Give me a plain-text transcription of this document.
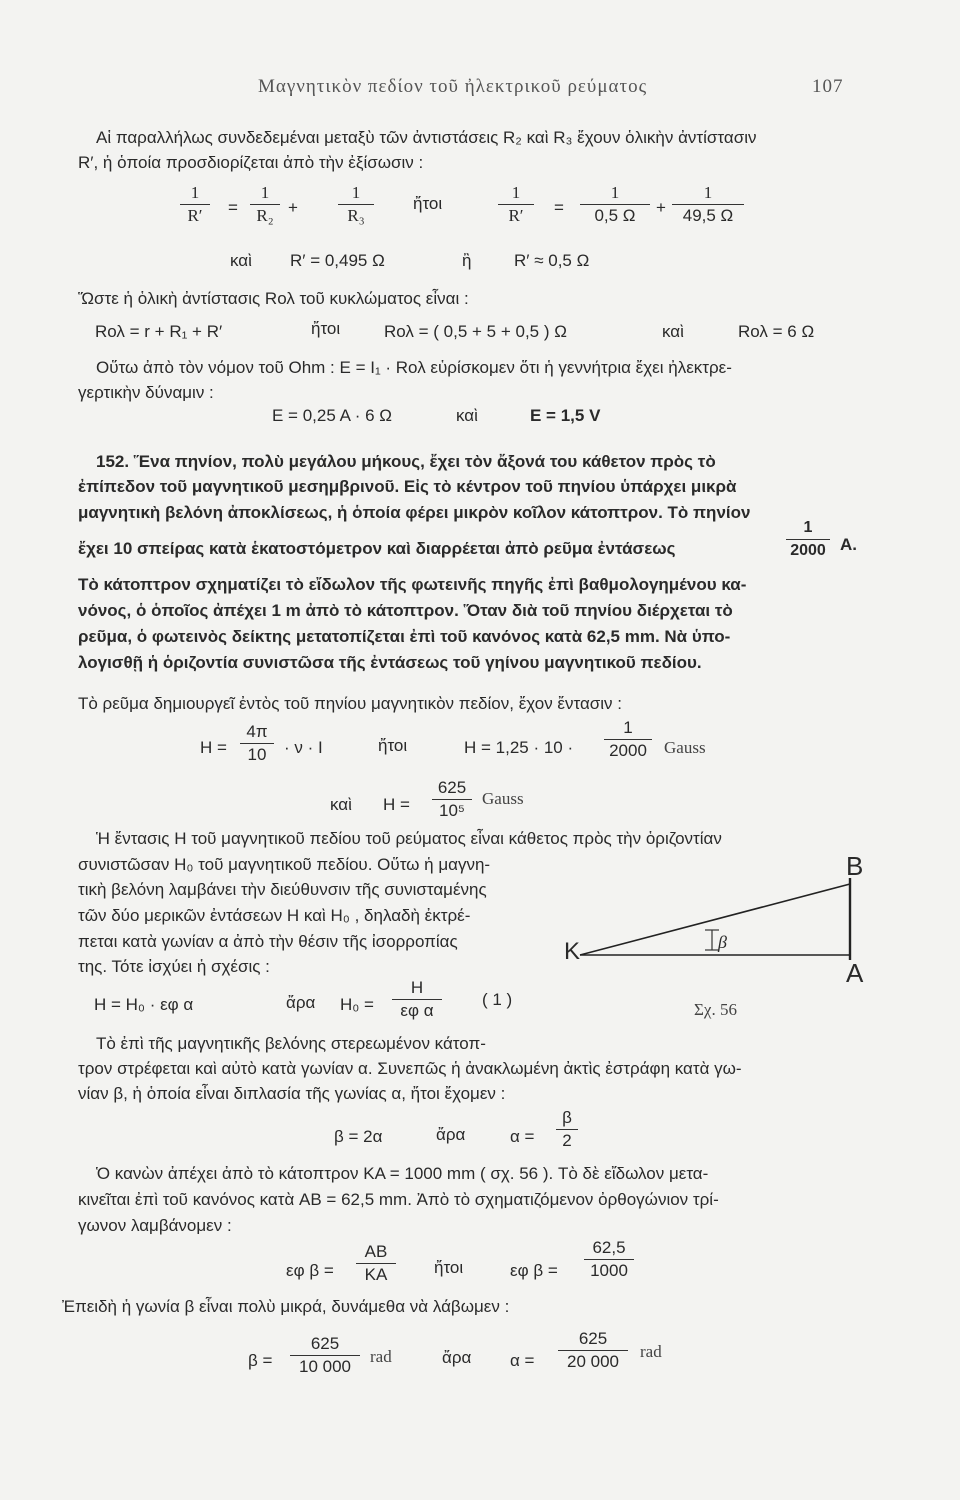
Μαγνητικὸν πεδίον τοῦ ἠλεκτρικοῦ ρεύματος	107
Αἱ παραλλήλως συνδεδεμέναι μεταξὺ τῶν ἀντιστάσεις R₂ καὶ R₃ ἔχουν ὁλικὴν ἀντίστασιν
R′, ἡ ὁποία προσδιορίζεται ἀπὸ τὴν ἐξίσωσιν :
1
R′	=
1
R₂ +
1
R₃
ἤτοι
1
R′	=
1
0,5 Ω	+
1
49,5 Ω
καὶ R′ = 0,495 Ω	ἢ	R′ ≈ 0,5 Ω
Ὥστε ἡ ὁλικὴ ἀντίστασις Rολ τοῦ κυκλώματος εἶναι :
Rολ = r + R₁ + R′	ἤτοι	Rολ = ( 0,5 + 5 + 0,5 ) Ω	καὶ	Rολ = 6 Ω
Οὕτω ἀπὸ τὸν νόμον τοῦ Ohm : E = I₁ · Rολ εὑρίσκομεν ὅτι ἡ γεννήτρια ἔχει ἠλεκτρε-
γερτικὴν δύναμιν :
E = 0,25 A · 6 Ω	καὶ	E = 1,5 V
152. Ἕνα πηνίον, πολὺ μεγάλου μήκους, ἔχει τὸν ἄξονά του κάθετον πρὸς τὸ
ἐπίπεδον τοῦ μαγνητικοῦ μεσημβρινοῦ. Εἰς τὸ κέντρον τοῦ πηνίου ὑπάρχει μικρὰ
μαγνητικὴ βελόνη ἀποκλίσεως, ἡ ὁποία φέρει μικρὸν κοῖλον κάτοπτρον. Τὸ πηνίον
ἔχει 10 σπείρας κατὰ ἑκατοστόμετρον καὶ διαρρέεται ἀπὸ ρεῦμα ἐντάσεως
1
2000 A.
Τὸ κάτοπτρον σχηματίζει τὸ εἴδωλον τῆς φωτεινῆς πηγῆς ἐπὶ βαθμολογημένου κα-
νόνος, ὁ ὁποῖος ἀπέχει 1 m ἀπὸ τὸ κάτοπτρον. Ὅταν διὰ τοῦ πηνίου διέρχεται τὸ
ρεῦμα, ὁ φωτεινὸς δείκτης μετατοπίζεται ἐπὶ τοῦ κανόνος κατὰ 62,5 mm. Νὰ ὑπο-
λογισθῇ ἡ ὁριζοντία συνιστῶσα τῆς ἐντάσεως τοῦ γηίνου μαγνητικοῦ πεδίου.
Τὸ ρεῦμα δημιουργεῖ ἐντὸς τοῦ πηνίου μαγνητικὸν πεδίον, ἔχον ἔντασιν :
H =
4π
10	· ν · I	ἤτοι	H = 1,25 · 10 ·
1
2000 Gauss
καὶ H =
625
10⁵
Gauss
Ἡ ἔντασις H τοῦ μαγνητικοῦ πεδίου τοῦ ρεύματος εἶναι κάθετος πρὸς τὴν ὁριζοντίαν
συνιστῶσαν H₀ τοῦ μαγνητικοῦ πεδίου. Οὕτω ἡ μαγνη-
τικὴ βελόνη λαμβάνει τὴν διεύθυνσιν τῆς συνισταμένης
τῶν δύο μερικῶν ἐντάσεων H καὶ H₀ , δηλαδὴ ἐκτρέ-
πεται κατὰ γωνίαν α ἀπὸ τὴν θέσιν τῆς ἰσορροπίας
της. Τότε ἰσχύει ἡ σχέσις :
H = H₀ · εφ α	ἄρα H₀ =
H
εφ α
( 1 )
B
A
K	β
Σχ. 56
Τὸ ἐπὶ τῆς μαγνητικῆς βελόνης στερεωμένον κάτοπ-
τρον στρέφεται καὶ αὐτὸ κατὰ γωνίαν α. Συνεπῶς ἡ ἀνακλωμένη ἀκτὶς ἐστράφη κατὰ γω-
νίαν β, ἡ ὁποία εἶναι διπλασία τῆς γωνίας α, ἤτοι ἔχομεν :
β = 2α	ἄρα	α =
β
2
Ὁ κανὼν ἀπέχει ἀπὸ τὸ κάτοπτρον KA = 1000 mm ( σχ. 56 ). Τὸ δὲ εἴδωλον μετα-
κινεῖται ἐπὶ τοῦ κανόνος κατὰ AB = 62,5 mm. Ἀπὸ τὸ σχηματιζόμενον ὀρθογώνιον τρί-
γωνον λαμβάνομεν :
εφ β =
AB
KA	ἤτοι	εφ β =
62,5
1000
Ἐπειδὴ ἡ γωνία β εἶναι πολὺ μικρά, δυνάμεθα νὰ λάβωμεν :
β =
625
10 000
rad	ἄρα α =
625
20 000
rad
